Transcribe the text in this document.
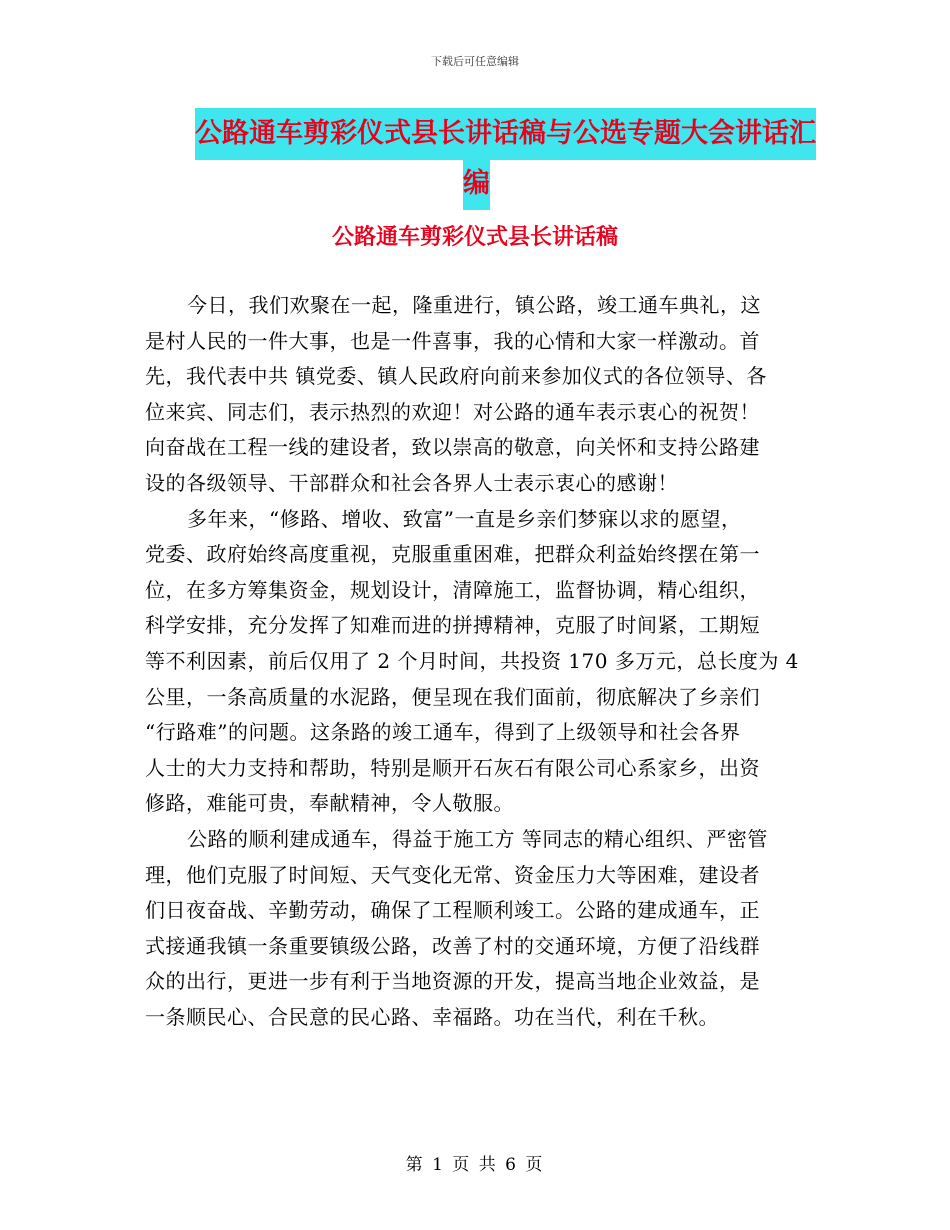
下载后可任意编辑
公路通车剪彩仪式县长讲话稿与公选专题大会讲话汇
编
公路通车剪彩仪式县长讲话稿
今日，我们欢聚在一起，隆重进行，镇公路，竣工通车典礼，这
是村人民的一件大事，也是一件喜事，我的心情和大家一样激动。首
先，我代表中共 镇党委、镇人民政府向前来参加仪式的各位领导、各
位来宾、同志们，表示热烈的欢迎！对公路的通车表示衷心的祝贺！
向奋战在工程一线的建设者，致以崇高的敬意，向关怀和支持公路建
设的各级领导、干部群众和社会各界人士表示衷心的感谢！
多年来，“修路、增收、致富”一直是乡亲们梦寐以求的愿望，
党委、政府始终高度重视，克服重重困难，把群众利益始终摆在第一
位，在多方筹集资金，规划设计，清障施工，监督协调，精心组织，
科学安排，充分发挥了知难而进的拼搏精神，克服了时间紧，工期短
等不利因素，前后仅用了 2 个月时间，共投资 170 多万元，总长度为 4
公里，一条高质量的水泥路，便呈现在我们面前，彻底解决了乡亲们
“行路难”的问题。这条路的竣工通车，得到了上级领导和社会各界
人士的大力支持和帮助，特别是顺开石灰石有限公司心系家乡，出资
修路，难能可贵，奉献精神，令人敬服。
公路的顺利建成通车，得益于施工方 等同志的精心组织、严密管
理，他们克服了时间短、天气变化无常、资金压力大等困难，建设者
们日夜奋战、辛勤劳动，确保了工程顺利竣工。公路的建成通车，正
式接通我镇一条重要镇级公路，改善了村的交通环境，方便了沿线群
众的出行，更进一步有利于当地资源的开发，提高当地企业效益，是
一条顺民心、合民意的民心路、幸福路。功在当代，利在千秋。
第 1 页 共 6 页
